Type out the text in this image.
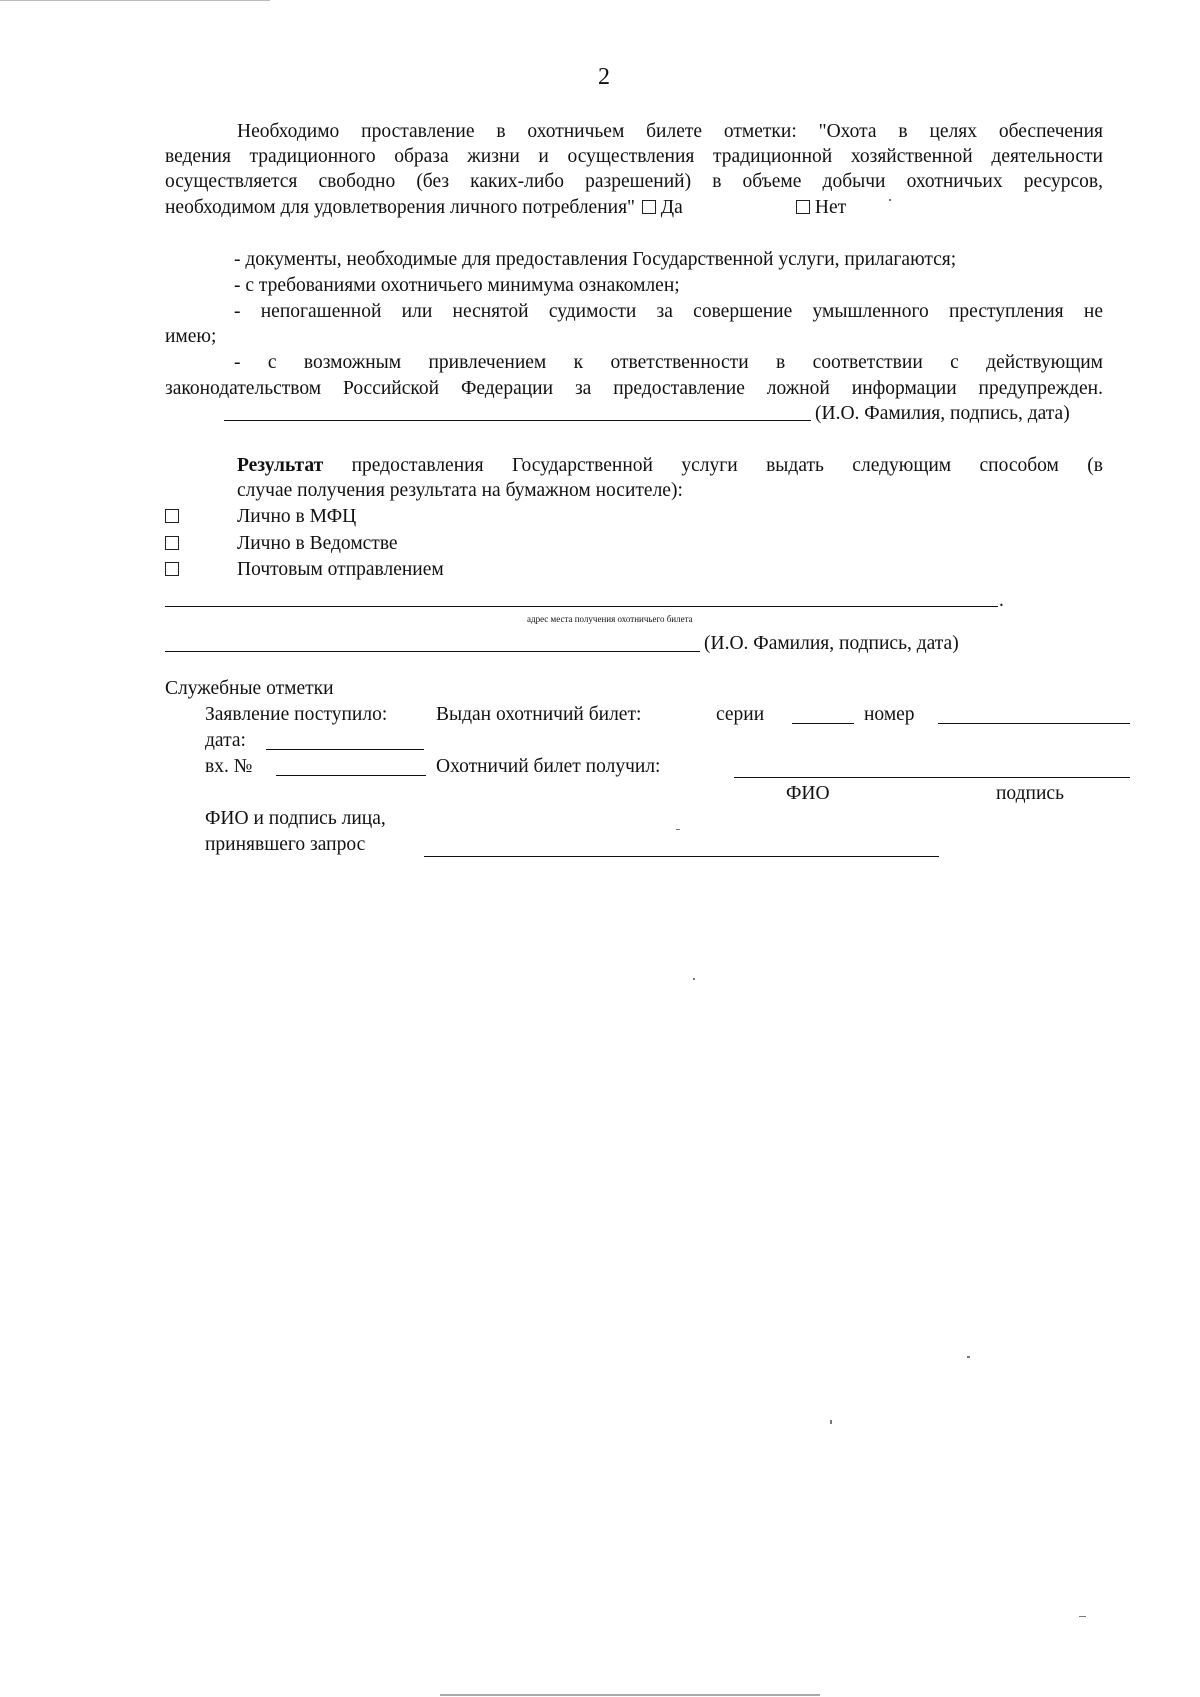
2
Необходимо проставление в охотничьем билете отметки: "Охота в целях обеспечения
ведения традиционного образа жизни и осуществления традиционной хозяйственной деятельности
осуществляется свободно (без каких-либо разрешений) в объеме добычи охотничьих ресурсов,
необходимом для удовлетворения личного потребления" Да	Нет
- документы, необходимые для предоставления Государственной услуги, прилагаются;
- с требованиями охотничьего минимума ознакомлен;
- непогашенной или неснятой судимости за совершение умышленного преступления не
имею;
- с возможным привлечением к ответственности в соответствии с действующим
законодательством Российской Федерации за предоставление ложной информации предупрежден.
(И.О. Фамилия, подпись, дата)
Результат предоставления Государственной услуги выдать следующим способом (в
случае получения результата на бумажном носителе):
Лично в МФЦ
Лично в Ведомстве
Почтовым отправлением
.
адрес места получения охотничьего билета
(И.О. Фамилия, подпись, дата)
Служебные отметки
Заявление поступило:	Выдан охотничий билет:	серии	номер
дата:
вх. №	Охотничий билет получил:
ФИО	подпись
ФИО и подпись лица,
принявшего запрос
